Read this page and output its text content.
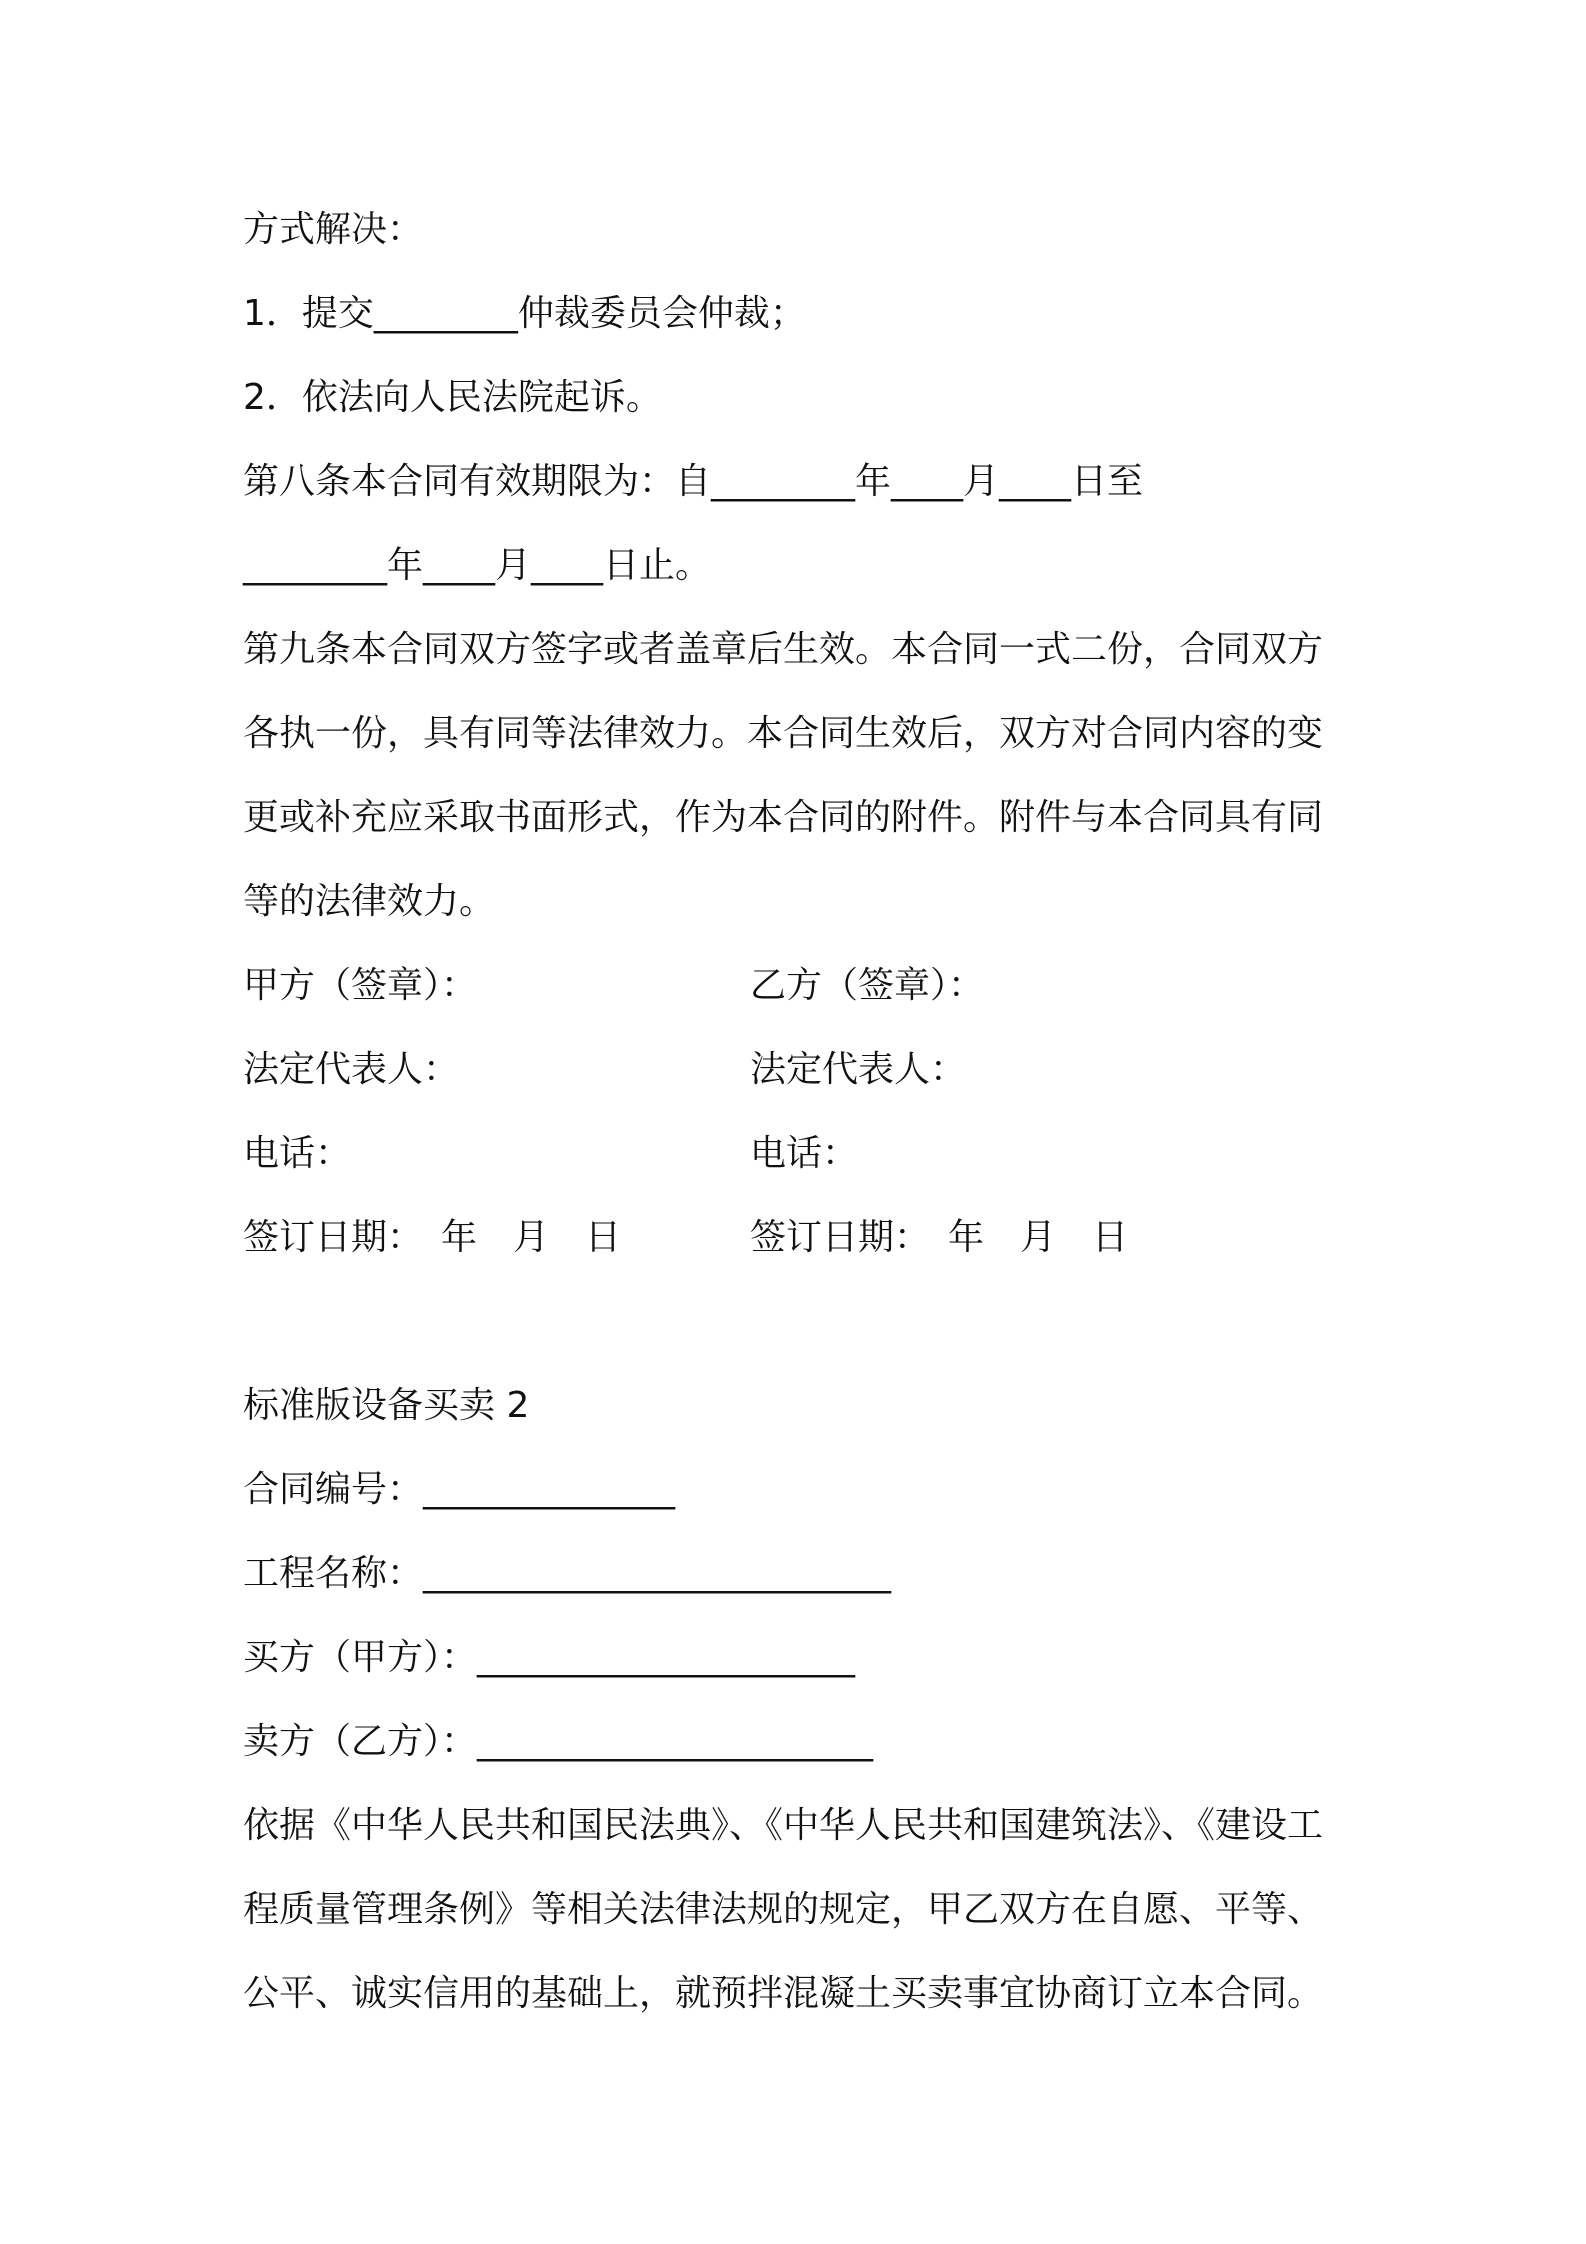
方式解决：
1．提交________仲裁委员会仲裁；
2．依法向人民法院起诉。
第八条本合同有效期限为：自________年____月____日至
________年____月____日止。
第九条本合同双方签字或者盖章后生效。本合同一式二份，合同双方
各执一份，具有同等法律效力。本合同生效后，双方对合同内容的变
更或补充应采取书面形式，作为本合同的附件。附件与本合同具有同
等的法律效力。
甲方（签章）：	乙方（签章）：
法定代表人：	法定代表人：
电话：	电话：
签订日期：　年　月　日	签订日期：　年　月　日
标准版设备买卖 2
合同编号：______________
工程名称：__________________________
买方（甲方）：_____________________
卖方（乙方）：______________________
依据《中华人民共和国民法典》、《中华人民共和国建筑法》、《建设工
程质量管理条例》等相关法律法规的规定，甲乙双方在自愿、平等、
公平、诚实信用的基础上，就预拌混凝土买卖事宜协商订立本合同。
